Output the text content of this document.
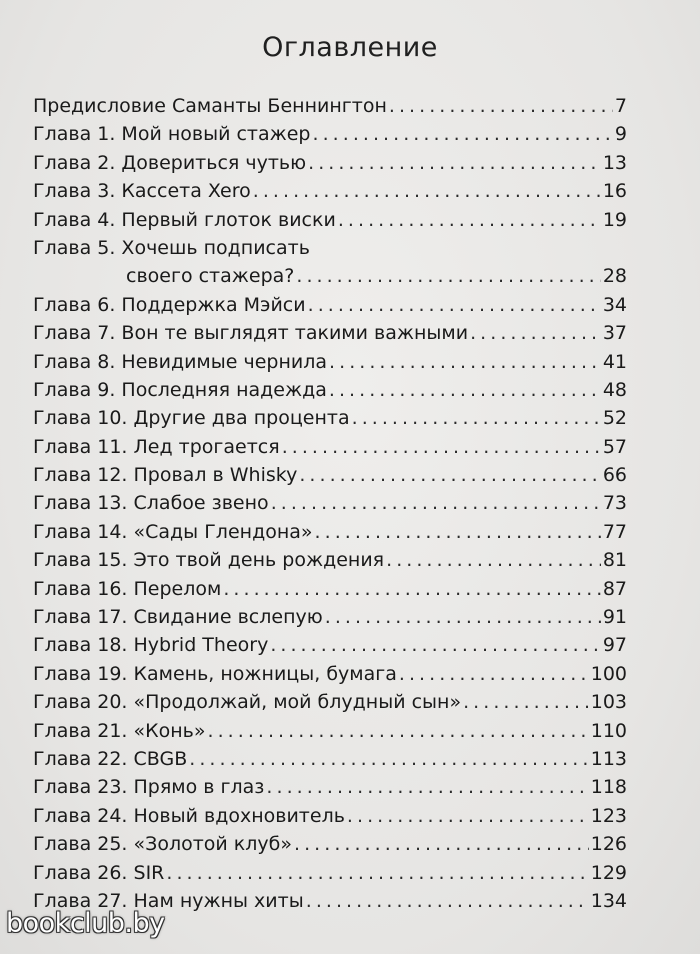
Оглавление
Предисловие Саманты Беннингтон . . .	7
Глава 1. Мой новый стажер . . .	9
Глава 2. Довериться чутью . . .	13
Глава 3. Кассета Xero . . .	16
Глава 4. Первый глоток виски . . .	19
Глава 5. Хочешь подписать
своего стажера? . . .	28
Глава 6. Поддержка Мэйси . . .	34
Глава 7. Вон те выглядят такими важными . . .	37
Глава 8. Невидимые чернила . . .	41
Глава 9. Последняя надежда . . .	48
Глава 10. Другие два процента . . .	52
Глава 11. Лед трогается . . .	57
Глава 12. Провал в Whisky . . .	66
Глава 13. Слабое звено . . .	73
Глава 14. «Сады Глендона» . . .	77
Глава 15. Это твой день рождения . . .	81
Глава 16. Перелом . . .	87
Глава 17. Свидание вслепую . . .	91
Глава 18. Hybrid Theory . . .	97
Глава 19. Камень, ножницы, бумага . . .	100
Глава 20. «Продолжай, мой блудный сын» . . .	103
Глава 21. «Конь» . . .	110
Глава 22. CBGB . . .	113
Глава 23. Прямо в глаз . . .	118
Глава 24. Новый вдохновитель . . .	123
Глава 25. «Золотой клуб» . . .	126
Глава 26. SIR . . .	129
Глава 27. Нам нужны хиты . . .	134
bookclub.by
